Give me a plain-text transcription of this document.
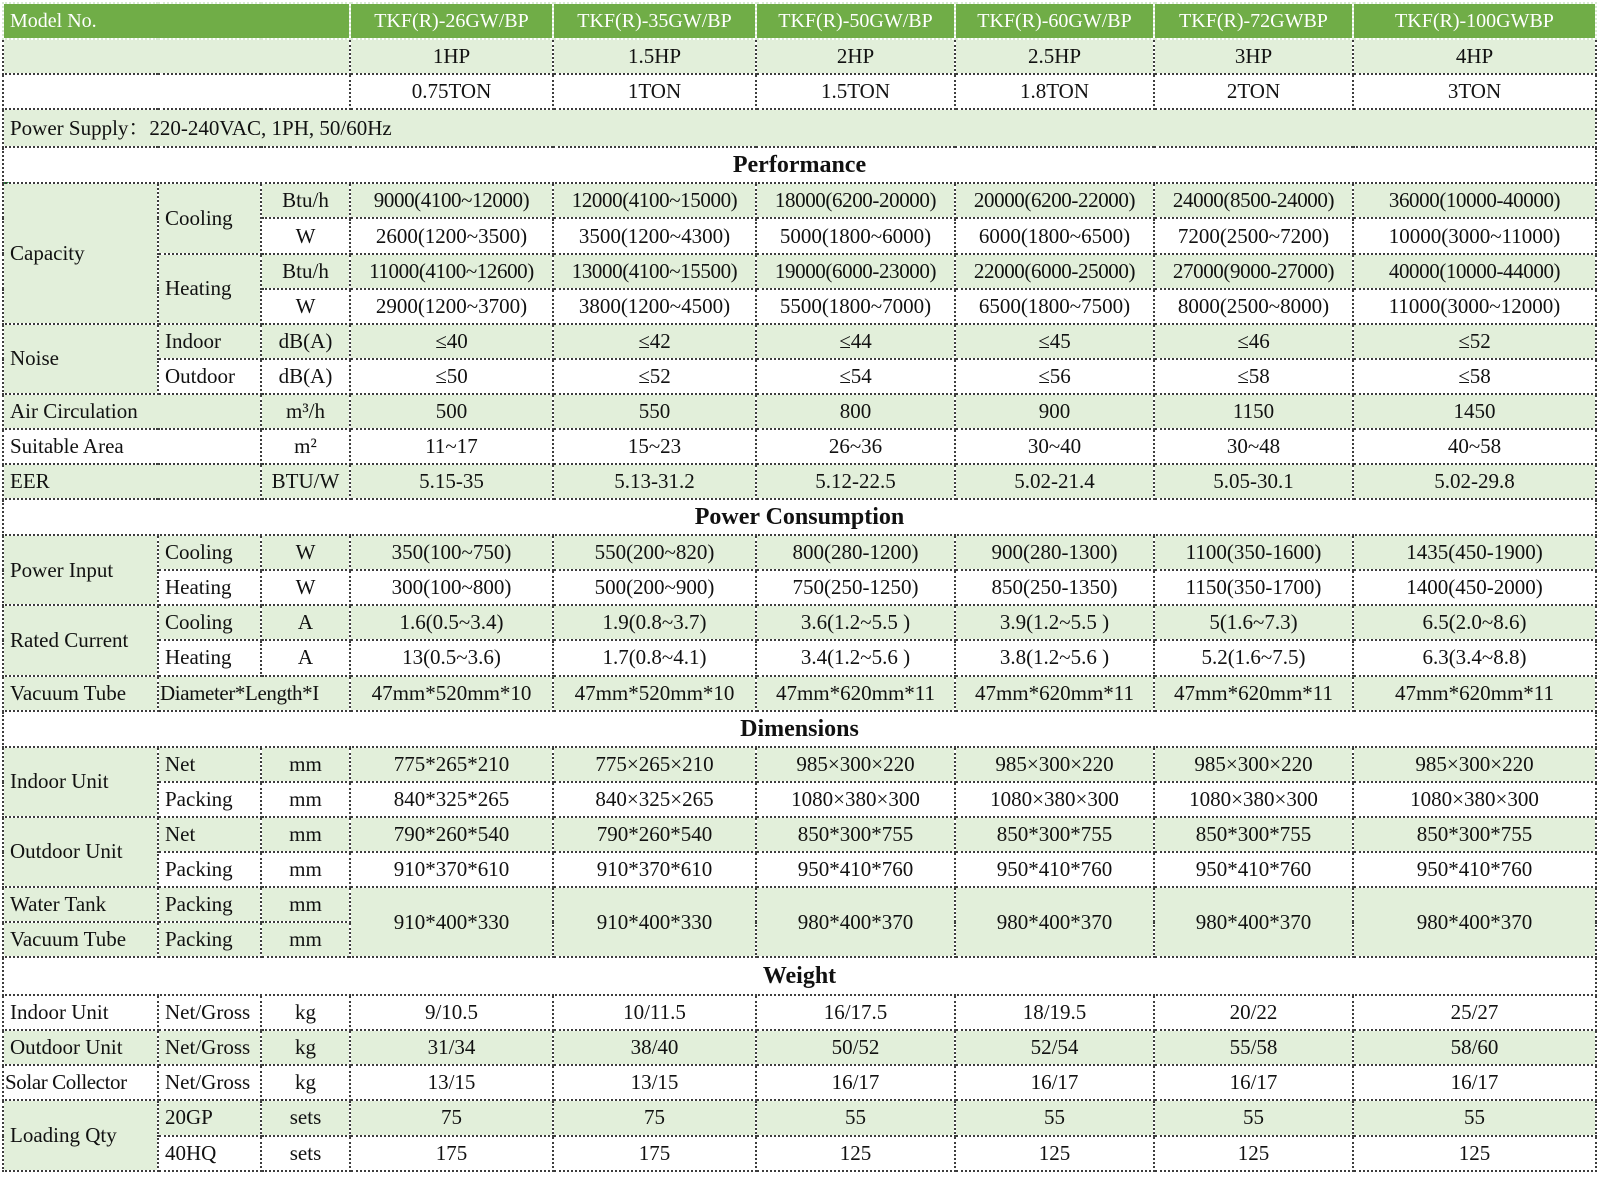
Model No.			TKF(R)-26GW/BP	TKF(R)-35GW/BP	TKF(R)-50GW/BP	TKF(R)-60GW/BP	TKF(R)-72GWBP	TKF(R)-100GWBP
			1HP	1.5HP	2HP	2.5HP	3HP	4HP
			0.75TON	1TON	1.5TON	1.8TON	2TON	3TON
Power Supply：220-240VAC, 1PH, 50/60Hz								
Performance								
Capacity	Cooling	Btu/h	9000(4100~12000)	12000(4100~15000)	18000(6200-20000)	20000(6200-22000)	24000(8500-24000)	36000(10000-40000)
		W	2600(1200~3500)	3500(1200~4300)	5000(1800~6000)	6000(1800~6500)	7200(2500~7200)	10000(3000~11000)
	Heating	Btu/h	11000(4100~12600)	13000(4100~15500)	19000(6000-23000)	22000(6000-25000)	27000(9000-27000)	40000(10000-44000)
		W	2900(1200~3700)	3800(1200~4500)	5500(1800~7000)	6500(1800~7500)	8000(2500~8000)	11000(3000~12000)
Noise	Indoor	dB(A)	≤40	≤42	≤44	≤45	≤46	≤52
	Outdoor	dB(A)	≤50	≤52	≤54	≤56	≤58	≤58
Air Circulation		m³/h	500	550	800	900	1150	1450
Suitable Area		m²	11~17	15~23	26~36	30~40	30~48	40~58
EER		BTU/W	5.15-35	5.13-31.2	5.12-22.5	5.02-21.4	5.05-30.1	5.02-29.8
Power Consumption								
Power Input	Cooling	W	350(100~750)	550(200~820)	800(280-1200)	900(280-1300)	1100(350-1600)	1435(450-1900)
	Heating	W	300(100~800)	500(200~900)	750(250-1250)	850(250-1350)	1150(350-1700)	1400(450-2000)
Rated Current	Cooling	A	1.6(0.5~3.4)	1.9(0.8~3.7)	3.6(1.2~5.5 )	3.9(1.2~5.5 )	5(1.6~7.3)	6.5(2.0~8.6)
	Heating	A	13(0.5~3.6)	1.7(0.8~4.1)	3.4(1.2~5.6 )	3.8(1.2~5.6 )	5.2(1.6~7.5)	6.3(3.4~8.8)
Vacuum Tube	Diameter*Length*I		47mm*520mm*10	47mm*520mm*10	47mm*620mm*11	47mm*620mm*11	47mm*620mm*11	47mm*620mm*11
Dimensions								
Indoor Unit	Net	mm	775*265*210	775×265×210	985×300×220	985×300×220	985×300×220	985×300×220
	Packing	mm	840*325*265	840×325×265	1080×380×300	1080×380×300	1080×380×300	1080×380×300
Outdoor Unit	Net	mm	790*260*540	790*260*540	850*300*755	850*300*755	850*300*755	850*300*755
	Packing	mm	910*370*610	910*370*610	950*410*760	950*410*760	950*410*760	950*410*760
Water Tank	Packing	mm	910*400*330	910*400*330	980*400*370	980*400*370	980*400*370	980*400*370
Vacuum Tube	Packing	mm						
Weight								
Indoor Unit	Net/Gross	kg	9/10.5	10/11.5	16/17.5	18/19.5	20/22	25/27
Outdoor Unit	Net/Gross	kg	31/34	38/40	50/52	52/54	55/58	58/60
Solar Collector	Net/Gross	kg	13/15	13/15	16/17	16/17	16/17	16/17
Loading Qty	20GP	sets	75	75	55	55	55	55
	40HQ	sets	175	175	125	125	125	125
